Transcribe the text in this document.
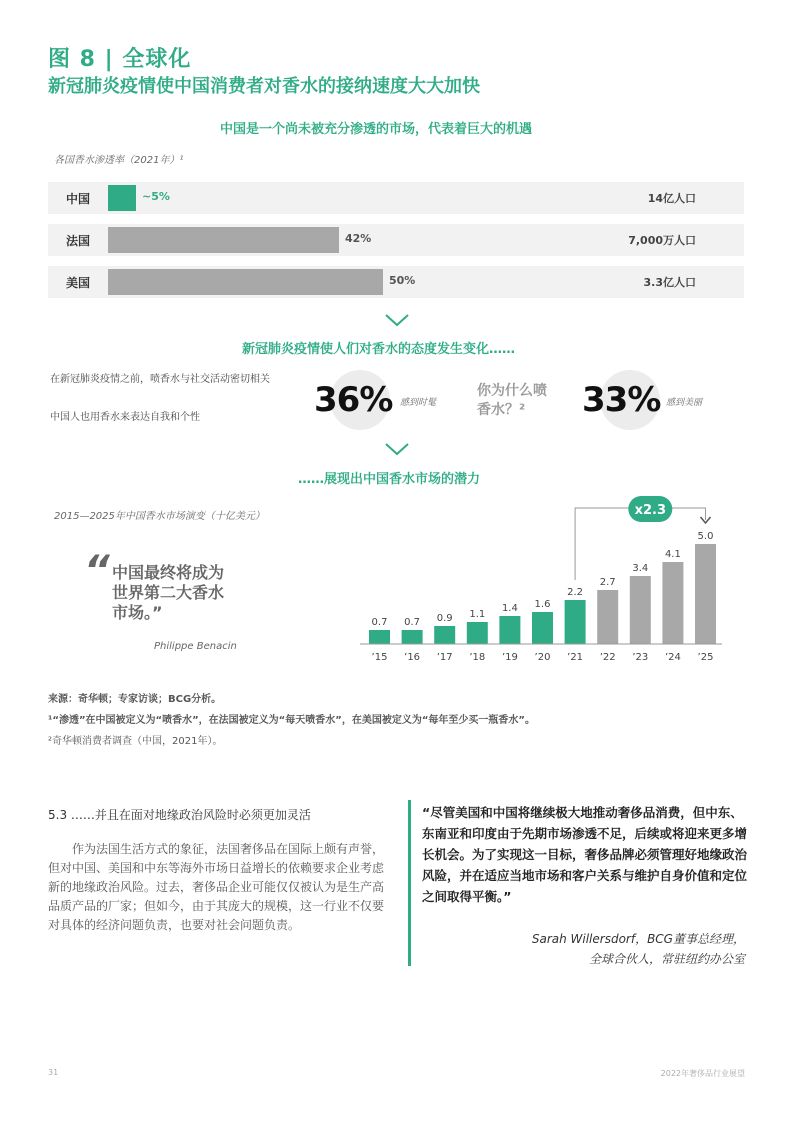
图 8 | 全球化
新冠肺炎疫情使中国消费者对香水的接纳速度大大加快
中国是一个尚未被充分渗透的市场，代表着巨大的机遇
各国香水渗透率（2021年）¹
中国	~5%	14亿人口
法国	42%	7,000万人口
美国	50%	3.3亿人口
新冠肺炎疫情使人们对香水的态度发生变化……
在新冠肺炎疫情之前，喷香水与社交活动密切相关
中国人也用香水来表达自我和个性	36% 感到时髦
你为什么喷香水？²	33% 感到美丽
……展现出中国香水市场的潜力
2015—2025年中国香水市场演变（十亿美元）
“ 中国最终将成为
世界第二大香水
市场。”
Philippe Benacin
0.7
’15
0.7
’16
0.9
’17
1.1
’18
1.4
’19
1.6
’20
2.2
’21
2.7
’22
3.4
’23
4.1
’24
5.0
’25
x2.3
来源：奇华顿；专家访谈；BCG分析。
¹“渗透”在中国被定义为“喷香水”，在法国被定义为“每天喷香水”，在美国被定义为“每年至少买一瓶香水”。
²奇华顿消费者调查（中国，2021年）。
5.3 ……并且在面对地缘政治风险时必须更加灵活
作为法国生活方式的象征，法国奢侈品在国际上颇有声誉，但对中国、美国和中东等海外市场日益增长的依赖要求企业考虑新的地缘政治风险。过去，奢侈品企业可能仅仅被认为是生产高品质产品的厂家；但如今，由于其庞大的规模，这一行业不仅要对具体的经济问题负责，也要对社会问题负责。
“尽管美国和中国将继续极大地推动奢侈品消费，但中东、东南亚和印度由于先期市场渗透不足，后续或将迎来更多增长机会。为了实现这一目标，奢侈品牌必须管理好地缘政治风险，并在适应当地市场和客户关系与维护自身价值和定位之间取得平衡。”
Sarah Willersdorf，BCG董事总经理，
全球合伙人，常驻纽约办公室
31	2022年奢侈品行业展望
